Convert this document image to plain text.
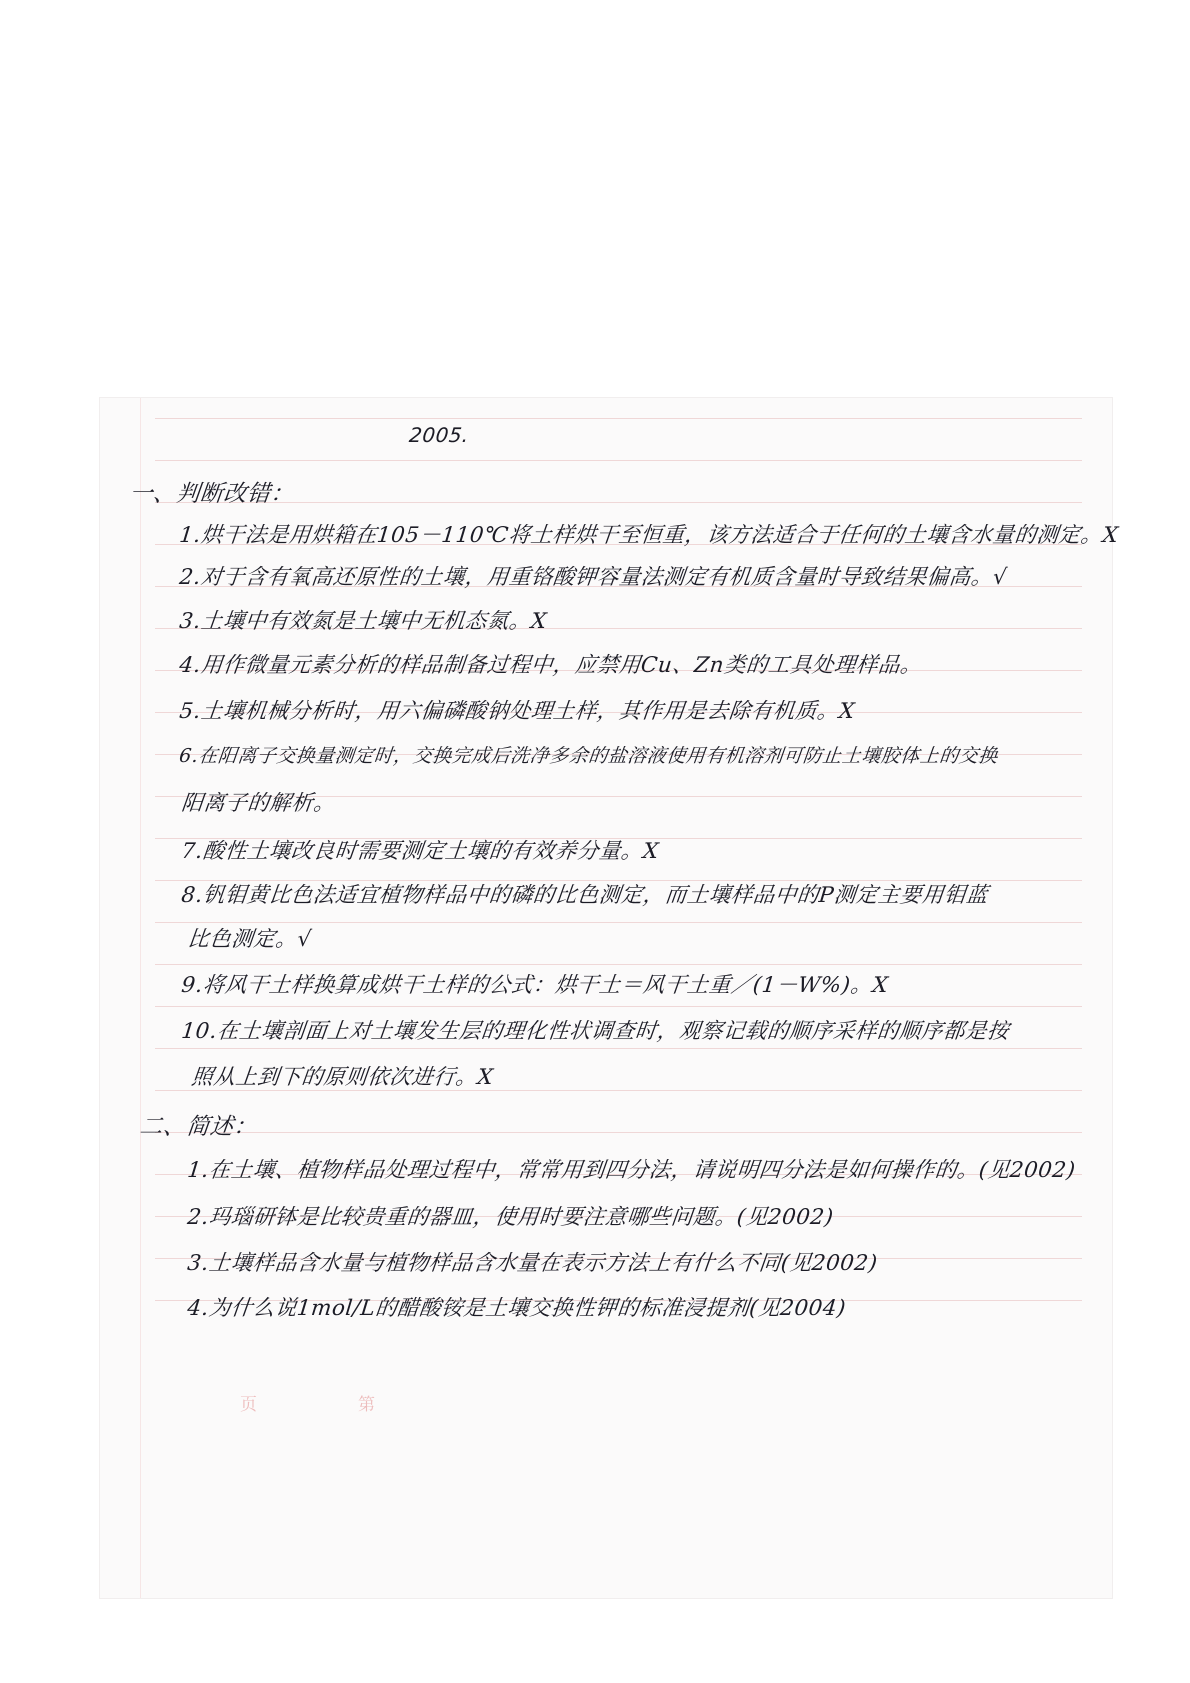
页	第
2005.
一、判断改错：
1.烘干法是用烘箱在105－110℃将土样烘干至恒重，该方法适合于任何的土壤含水量的测定。X
2.对于含有氧高还原性的土壤，用重铬酸钾容量法测定有机质含量时导致结果偏高。√
3.土壤中有效氮是土壤中无机态氮。X
4.用作微量元素分析的样品制备过程中，应禁用Cu、Zn类的工具处理样品。
5.土壤机械分析时，用六偏磷酸钠处理土样，其作用是去除有机质。X
6.在阳离子交换量测定时，交换完成后洗净多余的盐溶液使用有机溶剂可防止土壤胶体上的交换
阳离子的解析。
7.酸性土壤改良时需要测定土壤的有效养分量。X
8.钒钼黄比色法适宜植物样品中的磷的比色测定，而土壤样品中的P测定主要用钼蓝
比色测定。√
9.将风干土样换算成烘干土样的公式：烘干土＝风干土重／(1－W%)。X
10.在土壤剖面上对土壤发生层的理化性状调查时，观察记载的顺序采样的顺序都是按
照从上到下的原则依次进行。X
二、简述：
1.在土壤、植物样品处理过程中，常常用到四分法，请说明四分法是如何操作的。(见2002)
2.玛瑙研钵是比较贵重的器皿，使用时要注意哪些问题。(见2002)
3.土壤样品含水量与植物样品含水量在表示方法上有什么不同(见2002)
4.为什么说1mol/L的醋酸铵是土壤交换性钾的标准浸提剂(见2004)
